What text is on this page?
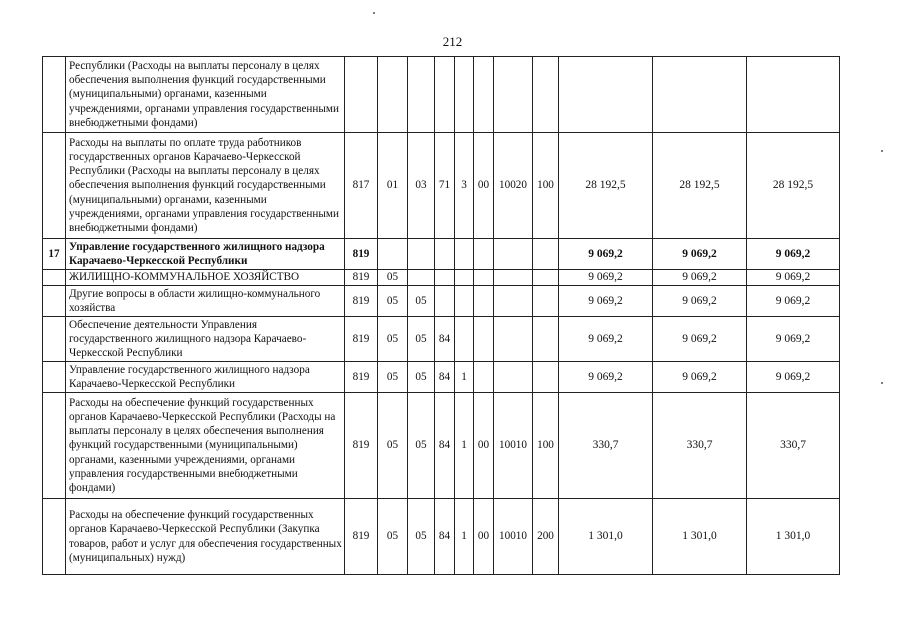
212
	Республики (Расходы на выплаты персоналу в целях обеспечения выполнения функций государственными (муниципальными) органами, казенными учреждениями, органами управления государственными внебюджетными фондами)											
	Расходы на выплаты по оплате труда работников государственных органов Карачаево-Черкесской Республики (Расходы на выплаты персоналу в целях обеспечения выполнения функций государственными (муниципальными) органами, казенными учреждениями, органами управления государственными внебюджетными фондами)	817	01	03	71	3	00	10020	100	28 192,5	28 192,5	28 192,5
17	Управление государственного жилищного надзора Карачаево-Черкесской Республики	819								9 069,2	9 069,2	9 069,2
	ЖИЛИЩНО-КОММУНАЛЬНОЕ ХОЗЯЙСТВО	819	05							9 069,2	9 069,2	9 069,2
	Другие вопросы в области жилищно-коммунального хозяйства	819	05	05						9 069,2	9 069,2	9 069,2
	Обеспечение деятельности Управления государственного жилищного надзора Карачаево-Черкесской Республики	819	05	05	84					9 069,2	9 069,2	9 069,2
	Управление государственного жилищного надзора Карачаево-Черкесской Республики	819	05	05	84	1				9 069,2	9 069,2	9 069,2
	Расходы на обеспечение функций государственных органов Карачаево-Черкесской Республики (Расходы на выплаты персоналу в целях обеспечения выполнения функций государственными (муниципальными) органами, казенными учреждениями, органами управления государственными внебюджетными фондами)	819	05	05	84	1	00	10010	100	330,7	330,7	330,7
	Расходы на обеспечение функций государственных органов Карачаево-Черкесской Республики (Закупка товаров, работ и услуг для обеспечения государственных (муниципальных) нужд)	819	05	05	84	1	00	10010	200	1 301,0	1 301,0	1 301,0
